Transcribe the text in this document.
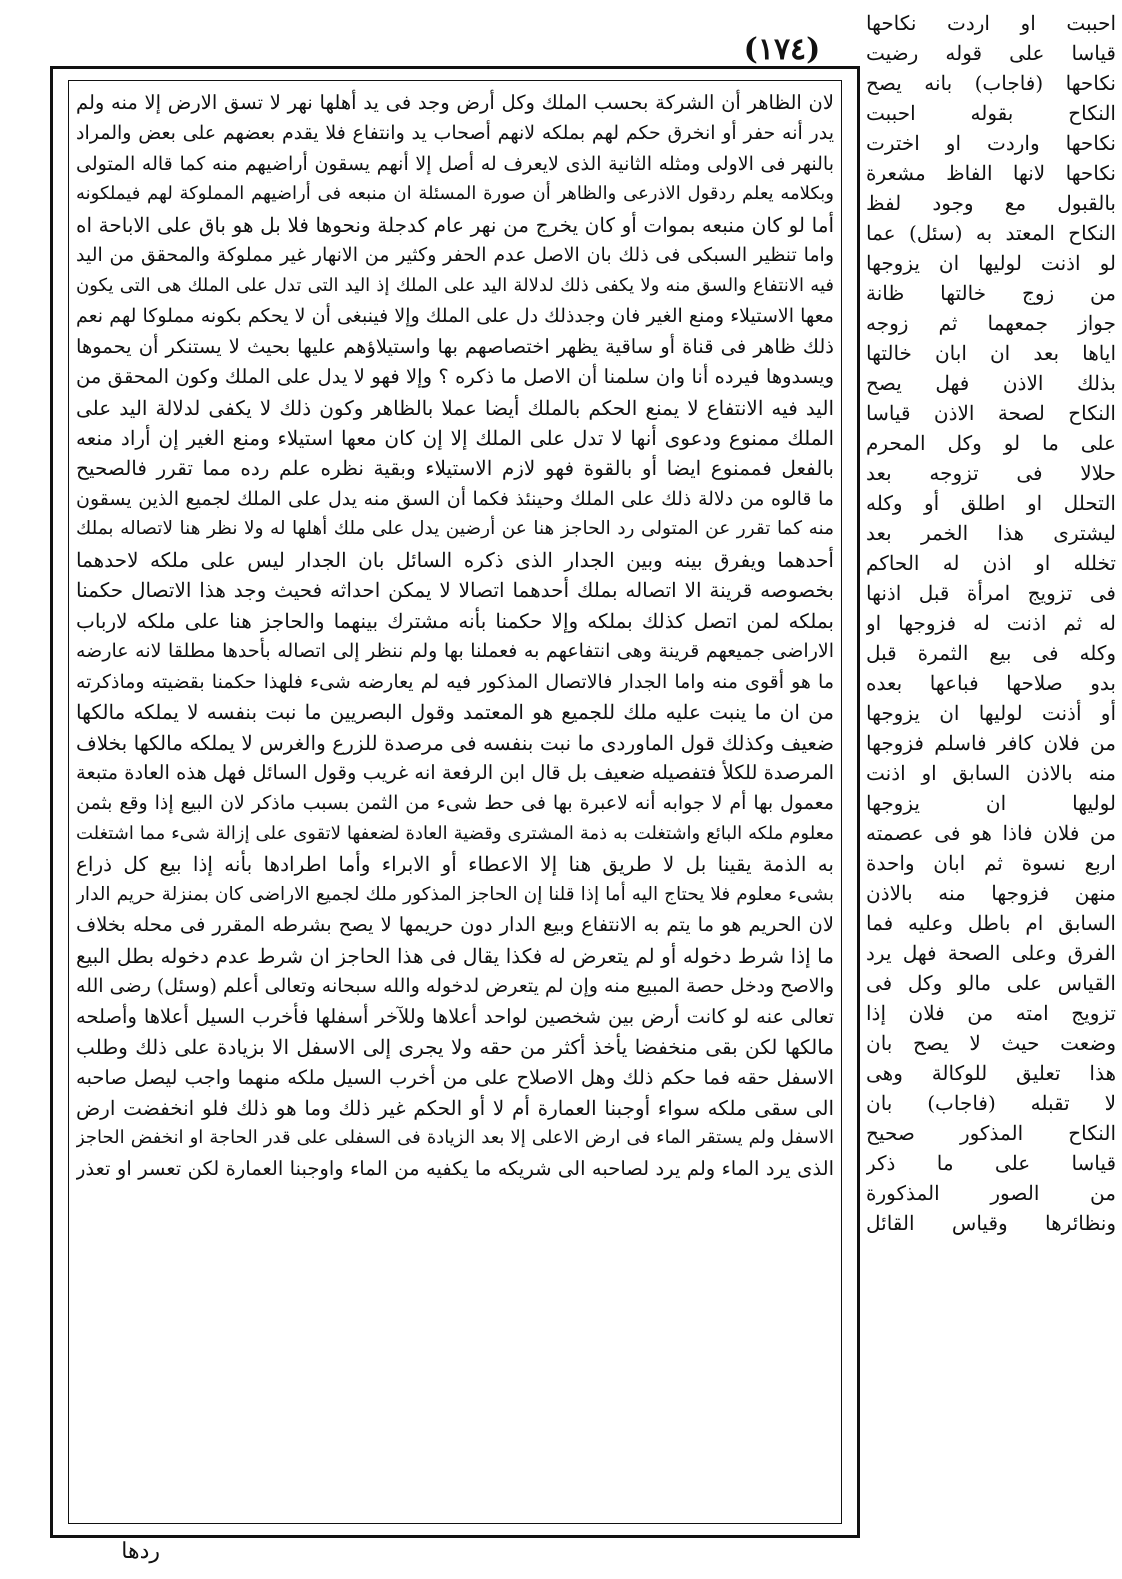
(١٧٤)
لان الظاهر أن الشركة بحسب الملك وكل أرض وجد فى يد أهلها نهر لا تسق الارض إلا منه ولم
يدر أنه حفر أو انخرق حكم لهم بملكه لانهم أصحاب يد وانتفاع فلا يقدم بعضهم على بعض والمراد
بالنهر فى الاولى ومثله الثانية الذى لايعرف له أصل إلا أنهم يسقون أراضيهم منه كما قاله المتولى
وبكلامه يعلم ردقول الاذرعى والظاهر أن صورة المسئلة ان منبعه فى أراضيهم المملوكة لهم فيملكونه
أما لو كان منبعه بموات أو كان يخرج من نهر عام كدجلة ونحوها فلا بل هو باق على الاباحة اه
واما تنظير السبكى فى ذلك بان الاصل عدم الحفر وكثير من الانهار غير مملوكة والمحقق من اليد
فيه الانتفاع والسق منه ولا يكفى ذلك لدلالة اليد على الملك إذ اليد التى تدل على الملك هى التى يكون
معها الاستيلاء ومنع الغير فان وجدذلك دل على الملك وإلا فينبغى أن لا يحكم بكونه مملوكا لهم نعم
ذلك ظاهر فى قناة أو ساقية يظهر اختصاصهم بها واستيلاؤهم عليها بحيث لا يستنكر أن يحموها
ويسدوها فيرده أنا وان سلمنا أن الاصل ما ذكره ؟ وإلا فهو لا يدل على الملك وكون المحقق من
اليد فيه الانتفاع لا يمنع الحكم بالملك أيضا عملا بالظاهر وكون ذلك لا يكفى لدلالة اليد على
الملك ممنوع ودعوى أنها لا تدل على الملك إلا إن كان معها استيلاء ومنع الغير إن أراد منعه
بالفعل فممنوع ايضا أو بالقوة فهو لازم الاستيلاء وبقية نظره علم رده مما تقرر فالصحيح
ما قالوه من دلالة ذلك على الملك وحينئذ فكما أن السق منه يدل على الملك لجميع الذين يسقون
منه كما تقرر عن المتولى رد الحاجز هنا عن أرضين يدل على ملك أهلها له ولا نظر هنا لاتصاله بملك
أحدهما ويفرق بينه وبين الجدار الذى ذكره السائل بان الجدار ليس على ملكه لاحدهما
بخصوصه قرينة الا اتصاله بملك أحدهما اتصالا لا يمكن احداثه فحيث وجد هذا الاتصال حكمنا
بملكه لمن اتصل كذلك بملكه وإلا حكمنا بأنه مشترك بينهما والحاجز هنا على ملكه لارباب
الاراضى جميعهم قرينة وهى انتفاعهم به فعملنا بها ولم ننظر إلى اتصاله بأحدها مطلقا لانه عارضه
ما هو أقوى منه واما الجدار فالاتصال المذكور فيه لم يعارضه شىء فلهذا حكمنا بقضيته وماذكرته
من ان ما ينبت عليه ملك للجميع هو المعتمد وقول البصريين ما نبت بنفسه لا يملكه مالكها
ضعيف وكذلك قول الماوردى ما نبت بنفسه فى مرصدة للزرع والغرس لا يملكه مالكها بخلاف
المرصدة للكلأ فتفصيله ضعيف بل قال ابن الرفعة انه غريب وقول السائل فهل هذه العادة متبعة
معمول بها أم لا جوابه أنه لاعبرة بها فى حط شىء من الثمن بسبب ماذكر لان البيع إذا وقع بثمن
معلوم ملكه البائع واشتغلت به ذمة المشترى وقضية العادة لضعفها لاتقوى على إزالة شىء مما اشتغلت
به الذمة يقينا بل لا طريق هنا إلا الاعطاء أو الابراء وأما اطرادها بأنه إذا بيع كل ذراع
بشىء معلوم فلا يحتاج اليه أما إذا قلنا إن الحاجز المذكور ملك لجميع الاراضى كان بمنزلة حريم الدار
لان الحريم هو ما يتم به الانتفاع وبيع الدار دون حريمها لا يصح بشرطه المقرر فى محله بخلاف
ما إذا شرط دخوله أو لم يتعرض له فكذا يقال فى هذا الحاجز ان شرط عدم دخوله بطل البيع
والاصح ودخل حصة المبيع منه وإن لم يتعرض لدخوله والله سبحانه وتعالى أعلم (وسئل) رضى الله
تعالى عنه لو كانت أرض بين شخصين لواحد أعلاها وللآخر أسفلها فأخرب السيل أعلاها وأصلحه
مالكها لكن بقى منخفضا يأخذ أكثر من حقه ولا يجرى إلى الاسفل الا بزيادة على ذلك وطلب
الاسفل حقه فما حكم ذلك وهل الاصلاح على من أخرب السيل ملكه منهما واجب ليصل صاحبه
الى سقى ملكه سواء أوجبنا العمارة أم لا أو الحكم غير ذلك وما هو ذلك فلو انخفضت ارض
الاسفل ولم يستقر الماء فى ارض الاعلى إلا بعد الزيادة فى السفلى على قدر الحاجة او انخفض الحاجز
الذى يرد الماء ولم يرد لصاحبه الى شريكه ما يكفيه من الماء واوجبنا العمارة لكن تعسر او تعذر
احببت او اردت نكاحها
قياسا على قوله رضيت
نكاحها (فاجاب) بانه يصح
النكاح بقوله احببت
نكاحها واردت او اخترت
نكاحها لانها الفاظ مشعرة
بالقبول مع وجود لفظ
النكاح المعتد به (سئل) عما
لو اذنت لوليها ان يزوجها
من زوج خالتها ظانة
جواز جمعهما ثم زوجه
اياها بعد ان ابان خالتها
بذلك الاذن فهل يصح
النكاح لصحة الاذن قياسا
على ما لو وكل المحرم
حلالا فى تزوجه بعد
التحلل او اطلق أو وكله
ليشترى هذا الخمر بعد
تخلله او اذن له الحاكم
فى تزويج امرأة قبل اذنها
له ثم اذنت له فزوجها او
وكله فى بيع الثمرة قبل
بدو صلاحها فباعها بعده
أو أذنت لوليها ان يزوجها
من فلان كافر فاسلم فزوجها
منه بالاذن السابق او اذنت
لوليها ان يزوجها
من فلان فاذا هو فى عصمته
اربع نسوة ثم ابان واحدة
منهن فزوجها منه بالاذن
السابق ام باطل وعليه فما
الفرق وعلى الصحة فهل يرد
القياس على مالو وكل فى
تزويج امته من فلان إذا
وضعت حيث لا يصح بان
هذا تعليق للوكالة وهى
لا تقبله (فاجاب) بان
النكاح المذكور صحيح
قياسا على ما ذكر
من الصور المذكورة
ونظائرها وقياس القائل
ردها
